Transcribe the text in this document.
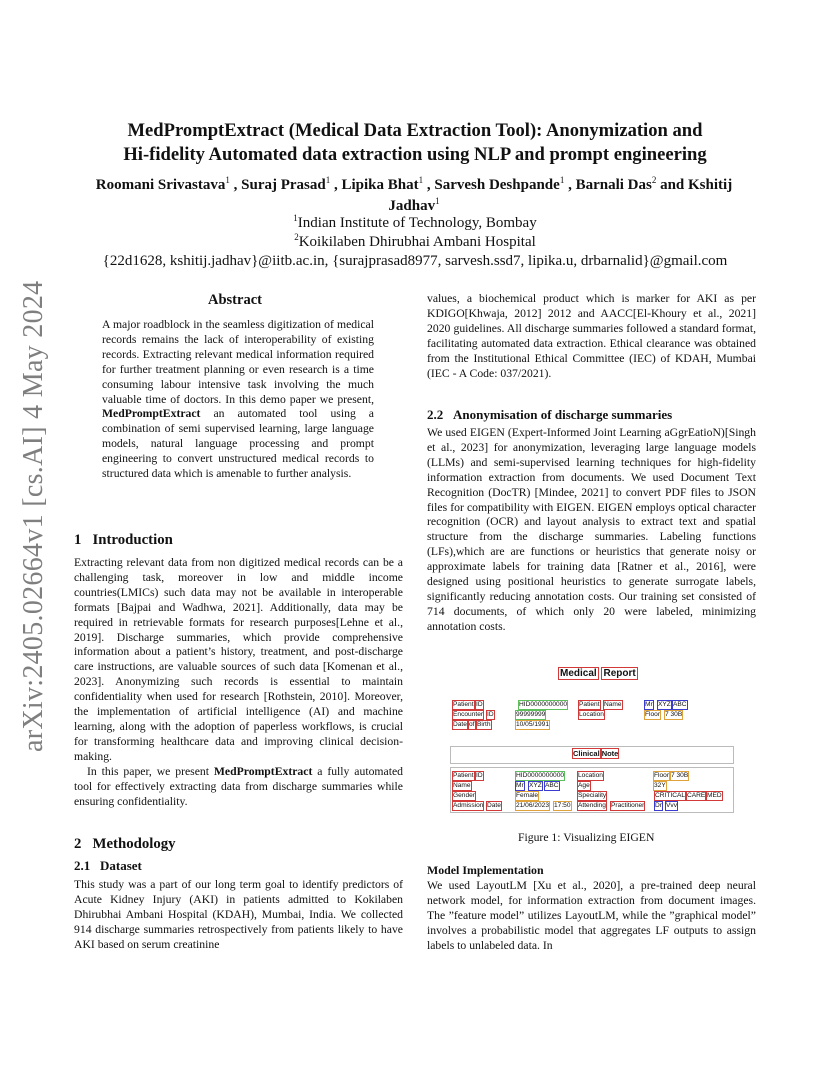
MedPromptExtract (Medical Data Extraction Tool): Anonymization and
Hi-fidelity Automated data extraction using NLP and prompt engineering
Roomani Srivastava$^1$ , Suraj Prasad$^1$ , Lipika Bhat$^1$ , Sarvesh Deshpande$^1$ , Barnali Das$^2$ and Kshitij Jadhav$^1$
$^1$Indian Institute of Technology, Bombay
$^2$Koikilaben Dhirubhai Ambani Hospital
{22d1628, kshitij.jadhav}@iitb.ac.in, {surajprasad8977, sarvesh.ssd7, lipika.u, drbarnalid}@gmail.com
arXiv:2405.02664v1 [cs.AI] 4 May 2024	Abstract
A major roadblock in the seamless digitization of medical records remains the lack of interoperability of existing records. Extracting relevant medical information required for further treatment planning or even research is a time consuming labour intensive task involving the much valuable time of doctors. In this demo paper we present, MedPromptExtract an automated tool using a combination of semi supervised learning, large language models, natural language processing and prompt engineering to convert unstructured medical records to structured data which is amenable to further analysis.
1 Introduction

Extracting relevant data from non digitized medical records can be a challenging task, moreover in low and middle income countries(LMICs) such data may not be available in interoperable formats [Bajpai and Wadhwa, 2021]. Additionally, data may be required in retrievable formats for research purposes[Lehne et al., 2019]. Discharge summaries, which provide comprehensive information about a patient’s history, treatment, and post-discharge care instructions, are valuable sources of such data [Komenan et al., 2023]. Anonymizing such records is essential to maintain confidentiality when used for research [Rothstein, 2010]. Moreover, the implementation of artificial intelligence (AI) and machine learning, along with the adoption of paperless workflows, is crucial for transforming healthcare data and improving clinical decision-making.

In this paper, we present MedPromptExtract a fully automated tool for effectively extracting data from discharge summaries while ensuring confidentiality.

2 Methodology
2.1 Dataset
This study was a part of our long term goal to identify predictors of Acute Kidney Injury (AKI) in patients admitted to Kokilaben Dhirubhai Ambani Hospital (KDAH), Mumbai, India. We collected 914 discharge summaries retrospectively from patients likely to have AKI based on serum creatinine
values, a biochemical product which is marker for AKI as per KDIGO[Khwaja, 2012] 2012 and AACC[El-Khoury et al., 2021] 2020 guidelines. All discharge summaries followed a standard format, facilitating automated data extraction. Ethical clearance was obtained from the Institutional Ethical Committee (IEC) of KDAH, Mumbai (IEC - A Code: 037/2021).
2.2 Anonymisation of discharge summaries
We used EIGEN (Expert-Informed Joint Learning aGgrEatioN)[Singh et al., 2023] for anonymization, leveraging large language models (LLMs) and semi-supervised learning techniques for high-fidelity information extraction from documents. We used Document Text Recognition (DocTR) [Mindee, 2021] to convert PDF files to JSON files for compatibility with EIGEN. EIGEN employs optical character recognition (OCR) and layout analysis to extract text and spatial structure from the discharge summaries. Labeling functions (LFs),which are are functions or heuristics that generate noisy or approximate labels for training data [Ratner et al., 2016], were designed using positional heuristics to generate surrogate labels, significantly reducing annotation costs. Our training set consisted of 714 documents, of which only 20 were labeled, minimizing annotation costs.
Medical Report
Patient ID	HID0000000000 Patient Name	Mr XYZ ABC
Encounter ID	99999999	Location	Floor 7 30B
Date of Birth	10/05/1991
Clinical Note
Patient ID	HID0000000000 Location	Floor 7 30B
Name	Mr XYZ ABC	Age	32Y
Gender	Female	Speciality	CRITICAL CARE MED
Admission Date 21/06/2023 17:50 Attending Practitioner Dr Vvv
Figure 1: Visualizing EIGEN
Model Implementation
We used LayoutLM [Xu et al., 2020], a pre-trained deep neural network model, for information extraction from document images. The ”feature model” utilizes LayoutLM, while the ”graphical model” involves a probabilistic model that aggregates LF outputs to assign labels to unlabeled data. In
